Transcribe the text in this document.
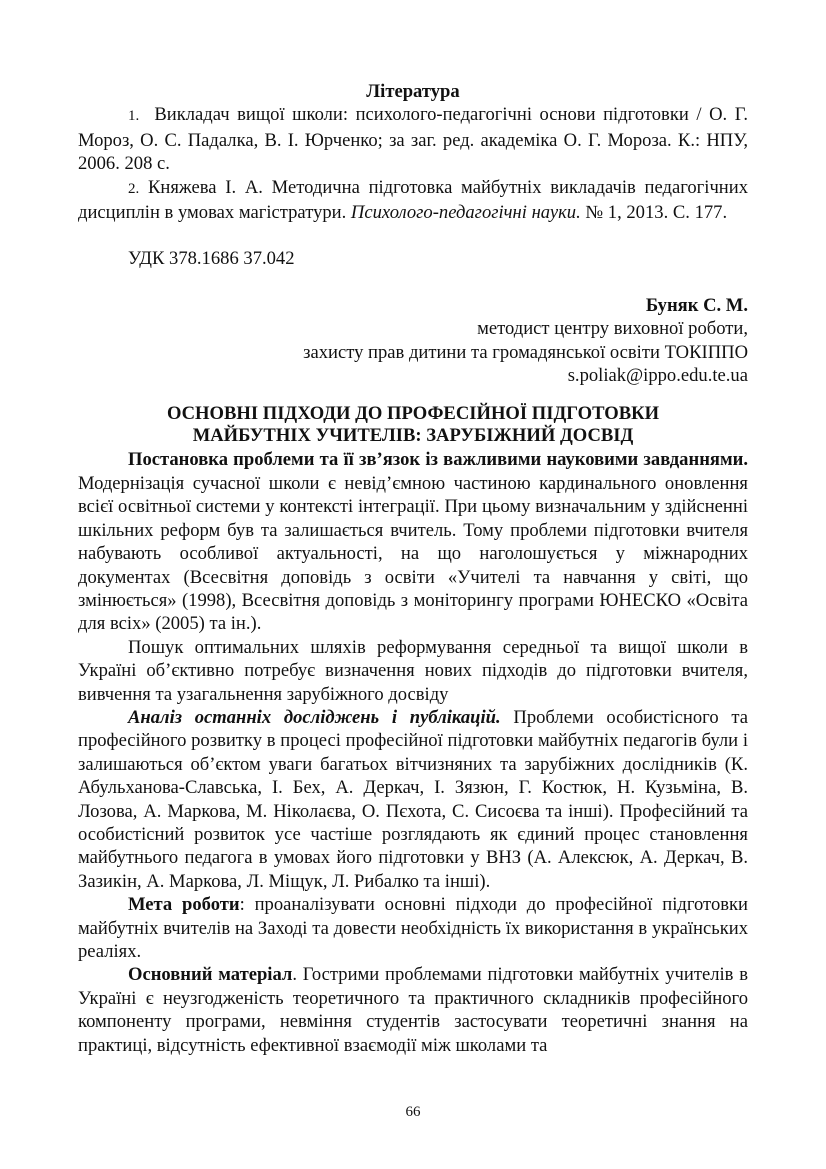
Література

1. Викладач вищої школи: психолого-педагогічні основи підготовки / О. Г. Мороз, О. С. Падалка, В. І. Юрченко; за заг. ред. академіка О. Г. Мороза. К.: НПУ, 2006. 208 с.

2. Княжева І. А. Методична підготовка майбутніх викладачів педагогічних дисциплін в умовах магістратури. Психолого-педагогічні науки. № 1, 2013. С. 177.

УДК 378.1686 37.042

Буняк С. М.
методист центру виховної роботи,
захисту прав дитини та громадянської освіти ТОКІППО
s.poliak@ippo.edu.te.ua
ОСНОВНІ ПІДХОДИ ДО ПРОФЕСІЙНОЇ ПІДГОТОВКИ
МАЙБУТНІХ УЧИТЕЛІВ: ЗАРУБІЖНИЙ ДОСВІД

Постановка проблеми та її зв’язок із важливими науковими завданнями. Модернізація сучасної школи є невід’ємною частиною кардинального оновлення всієї освітньої системи у контексті інтеграції. При цьому визначальним у здійсненні шкільних реформ був та залишається вчитель. Тому проблеми підготовки вчителя набувають особливої актуальності, на що наголошується у міжнародних документах (Всесвітня доповідь з освіти «Учителі та навчання у світі, що змінюється» (1998), Всесвітня доповідь з моніторингу програми ЮНЕСКО «Освіта для всіх» (2005) та ін.).

Пошук оптимальних шляхів реформування середньої та вищої школи в Україні об’єктивно потребує визначення нових підходів до підготовки вчителя, вивчення та узагальнення зарубіжного досвіду

Аналіз останніх досліджень і публікацій. Проблеми особистісного та професійного розвитку в процесі професійної підготовки майбутніх педагогів були і залишаються об’єктом уваги багатьох вітчизняних та зарубіжних дослідників (К. Абульханова-Славська, І. Бех, А. Деркач, І. Зязюн, Г. Костюк, Н. Кузьміна, В. Лозова, А. Маркова, М. Ніколаєва, О. Пєхота, С. Сисоєва та інші). Професійний та особистісний розвиток усе частіше розглядають як єдиний процес становлення майбутнього педагога в умовах його підготовки у ВНЗ (А. Алексюк, А. Деркач, В. Зазикін, А. Маркова, Л. Міщук, Л. Рибалко та інші).

Мета роботи: проаналізувати основні підходи до професійної підготовки майбутніх вчителів на Заході та довести необхідність їх використання в українських реаліях.

Основний матеріал. Гострими проблемами підготовки майбутніх учителів в Україні є неузгодженість теоретичного та практичного складників професійного компоненту програми, невміння студентів застосувати теоретичні знання на практиці, відсутність ефективної взаємодії між школами та

66
